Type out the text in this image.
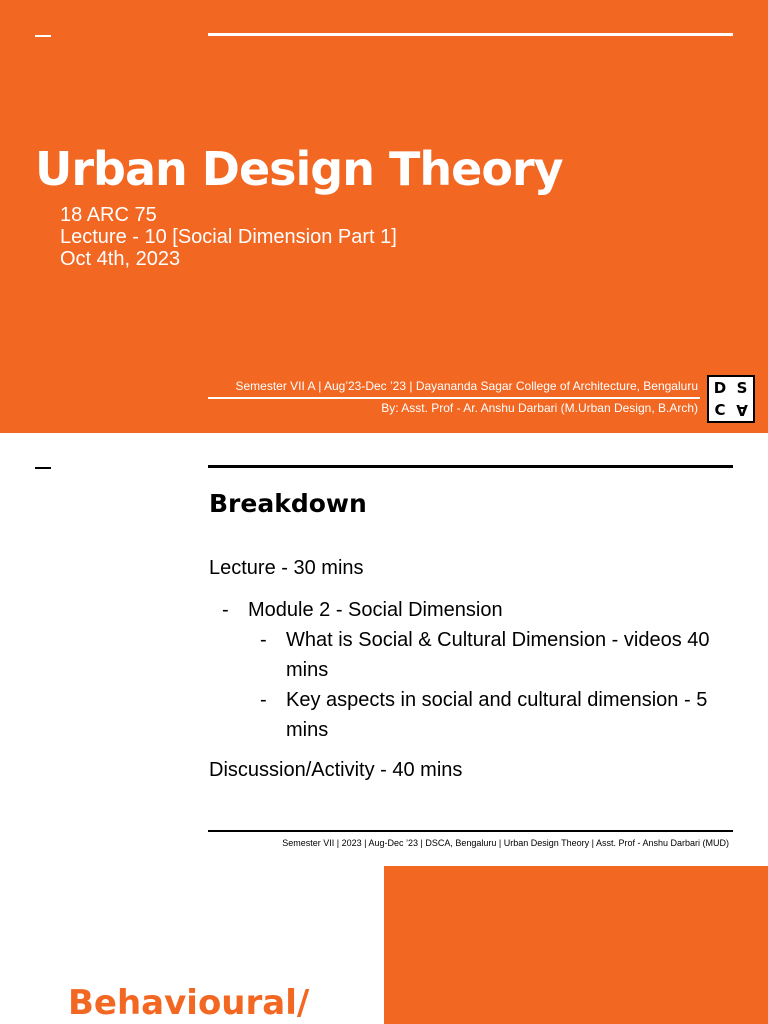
Urban Design Theory
18 ARC 75
Lecture - 10 [Social Dimension Part 1]
Oct 4th, 2023
Semester VII A | Aug’23-Dec ’23 | Dayananda Sagar College of Architecture, Bengaluru
By: Asst. Prof - Ar. Anshu Darbari (M.Urban Design, B.Arch)
D S
C A
Breakdown
Lecture - 30 mins
- Module 2 - Social Dimension
- What is Social & Cultural Dimension - videos 40 mins
- Key aspects in social and cultural dimension - 5 mins
Discussion/Activity - 40 mins
Semester VII | 2023 | Aug-Dec ’23 | DSCA, Bengaluru | Urban Design Theory | Asst. Prof - Anshu Darbari (MUD)
Behavioural/
